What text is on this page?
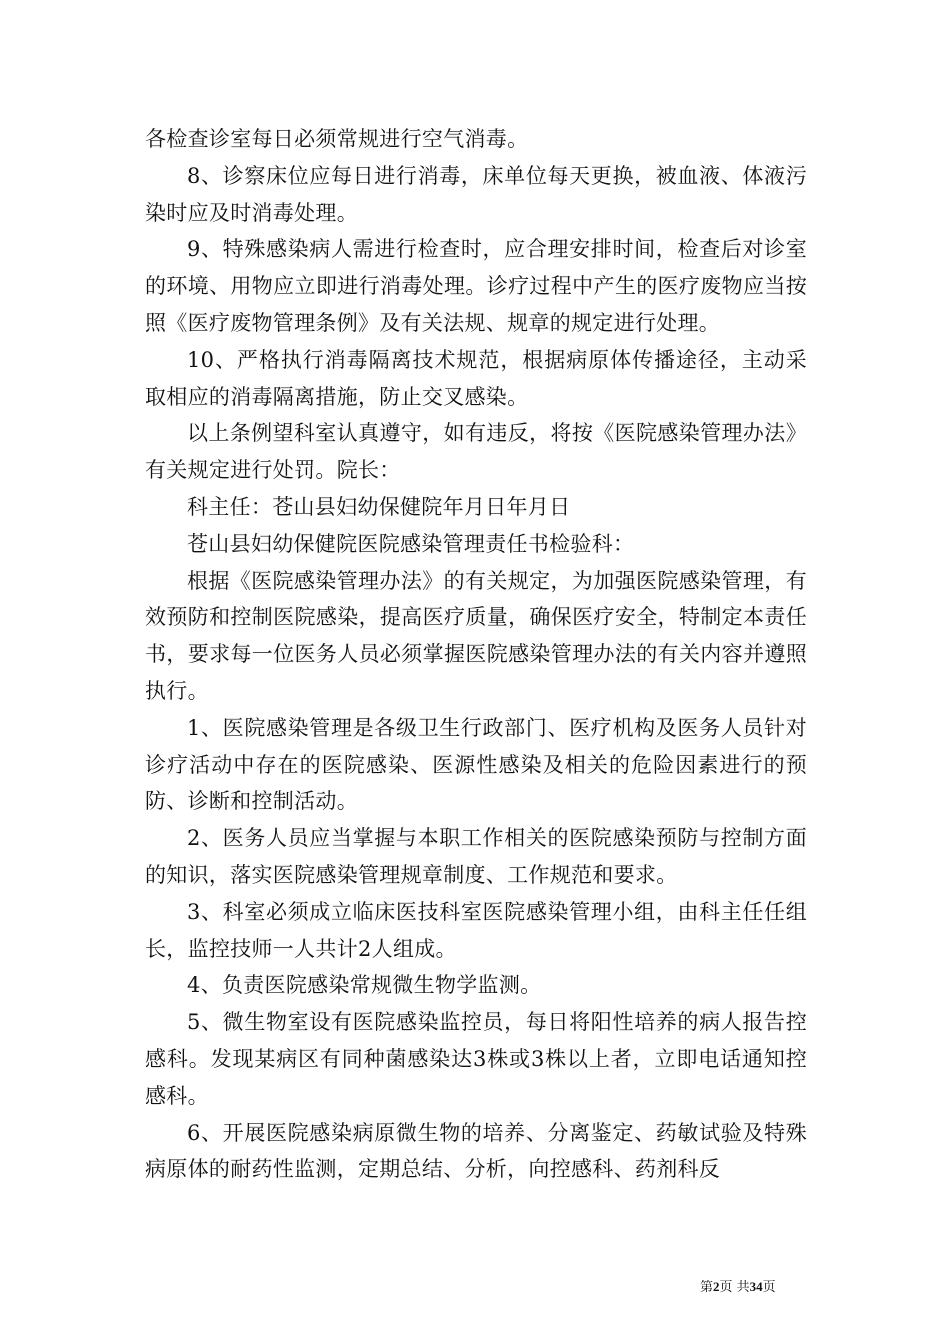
各检查诊室每日必须常规进行空气消毒。

8、诊察床位应每日进行消毒，床单位每天更换，被血液、体液污染时应及时消毒处理。

9、特殊感染病人需进行检查时，应合理安排时间，检查后对诊室的环境、用物应立即进行消毒处理。诊疗过程中产生的医疗废物应当按照《医疗废物管理条例》及有关法规、规章的规定进行处理。

10、严格执行消毒隔离技术规范，根据病原体传播途径，主动采取相应的消毒隔离措施，防止交叉感染。

以上条例望科室认真遵守，如有违反，将按《医院感染管理办法》有关规定进行处罚。院长：

科主任：苍山县妇幼保健院年月日年月日

苍山县妇幼保健院医院感染管理责任书检验科：

根据《医院感染管理办法》的有关规定，为加强医院感染管理，有效预防和控制医院感染，提高医疗质量，确保医疗安全，特制定本责任书，要求每一位医务人员必须掌握医院感染管理办法的有关内容并遵照执行。

1、医院感染管理是各级卫生行政部门、医疗机构及医务人员针对诊疗活动中存在的医院感染、医源性感染及相关的危险因素进行的预防、诊断和控制活动。

2、医务人员应当掌握与本职工作相关的医院感染预防与控制方面的知识，落实医院感染管理规章制度、工作规范和要求。

3、科室必须成立临床医技科室医院感染管理小组，由科主任任组长，监控技师一人共计2人组成。

4、负责医院感染常规微生物学监测。

5、微生物室设有医院感染监控员，每日将阳性培养的病人报告控感科。发现某病区有同种菌感染达3株或3株以上者，立即电话通知控感科。

6、开展医院感染病原微生物的培养、分离鉴定、药敏试验及特殊病原体的耐药性监测，定期总结、分析，向控感科、药剂科反

第2页 共34页
